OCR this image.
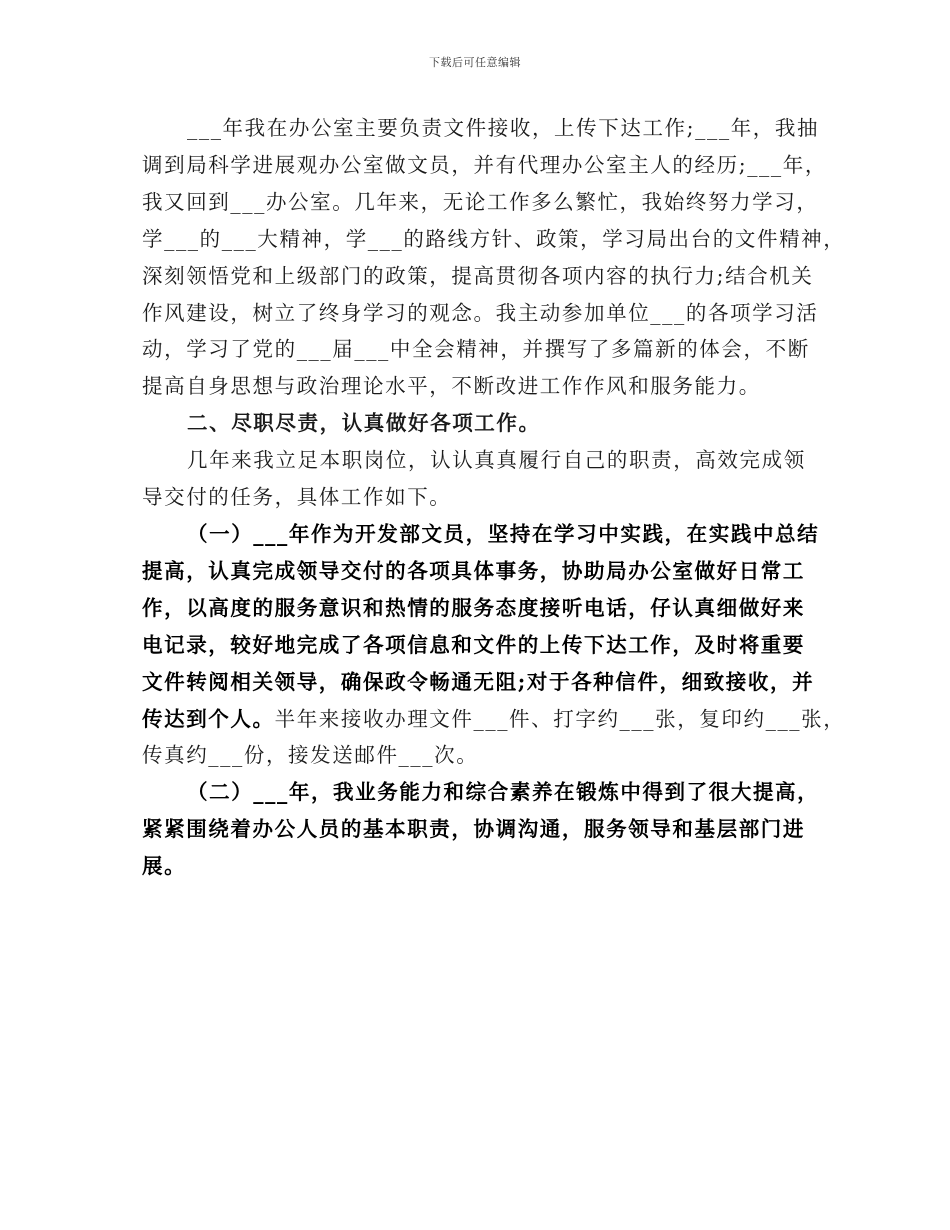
下载后可任意编辑
___年我在办公室主要负责文件接收，上传下达工作;___年，我抽
调到局科学进展观办公室做文员，并有代理办公室主人的经历;___年，
我又回到___办公室。几年来，无论工作多么繁忙，我始终努力学习，
学___的___大精神，学___的路线方针、政策，学习局出台的文件精神，
深刻领悟党和上级部门的政策，提高贯彻各项内容的执行力;结合机关
作风建设，树立了终身学习的观念。我主动参加单位___的各项学习活
动，学习了党的___届___中全会精神，并撰写了多篇新的体会，不断
提高自身思想与政治理论水平，不断改进工作作风和服务能力。
二、尽职尽责，认真做好各项工作。
几年来我立足本职岗位，认认真真履行自己的职责，高效完成领
导交付的任务，具体工作如下。
（一）___年作为开发部文员，坚持在学习中实践，在实践中总结
提高，认真完成领导交付的各项具体事务，协助局办公室做好日常工
作，以高度的服务意识和热情的服务态度接听电话，仔认真细做好来
电记录，较好地完成了各项信息和文件的上传下达工作，及时将重要
文件转阅相关领导，确保政令畅通无阻;对于各种信件，细致接收，并
传达到个人。半年来接收办理文件___件、打字约___张，复印约___张，
传真约___份，接发送邮件___次。
（二）___年，我业务能力和综合素养在锻炼中得到了很大提高，
紧紧围绕着办公人员的基本职责，协调沟通，服务领导和基层部门进
展。
